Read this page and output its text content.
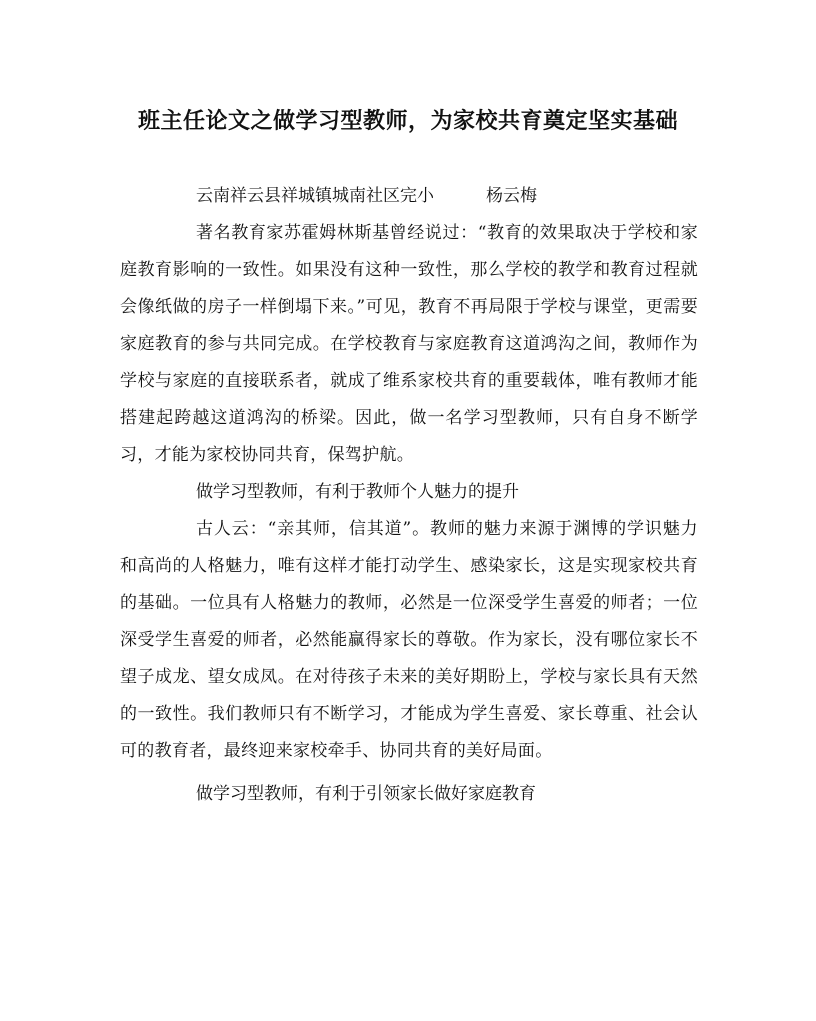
班主任论文之做学习型教师，为家校共育奠定坚实基础

云南祥云县祥城镇城南社区完小	杨云梅

著名教育家苏霍姆林斯基曾经说过：“教育的效果取决于学校和家庭教育影响的一致性。如果没有这种一致性，那么学校的教学和教育过程就会像纸做的房子一样倒塌下来。”可见，教育不再局限于学校与课堂，更需要家庭教育的参与共同完成。在学校教育与家庭教育这道鸿沟之间，教师作为学校与家庭的直接联系者，就成了维系家校共育的重要载体，唯有教师才能搭建起跨越这道鸿沟的桥梁。因此，做一名学习型教师，只有自身不断学习，才能为家校协同共育，保驾护航。

做学习型教师，有利于教师个人魅力的提升

古人云：“亲其师，信其道”。教师的魅力来源于渊博的学识魅力和高尚的人格魅力，唯有这样才能打动学生、感染家长，这是实现家校共育的基础。一位具有人格魅力的教师，必然是一位深受学生喜爱的师者；一位深受学生喜爱的师者，必然能赢得家长的尊敬。作为家长，没有哪位家长不望子成龙、望女成凤。在对待孩子未来的美好期盼上，学校与家长具有天然的一致性。我们教师只有不断学习，才能成为学生喜爱、家长尊重、社会认可的教育者，最终迎来家校牵手、协同共育的美好局面。

做学习型教师，有利于引领家长做好家庭教育
